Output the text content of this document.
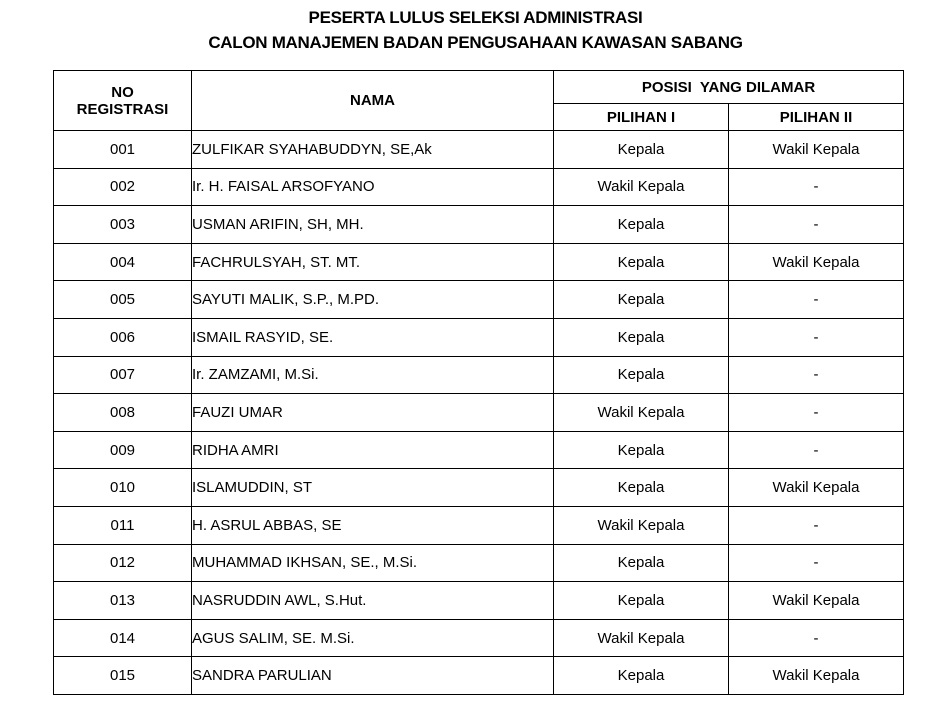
PESERTA LULUS SELEKSI ADMINISTRASI
CALON MANAJEMEN BADAN PENGUSAHAAN KAWASAN SABANG
NO
REGISTRASI	NAMA	POSISI  YANG DILAMAR	
		PILIHAN I	PILIHAN II
001	ZULFIKAR SYAHABUDDYN, SE,Ak	Kepala	Wakil Kepala
002	Ir. H. FAISAL ARSOFYANO	Wakil Kepala	-
003	USMAN ARIFIN, SH, MH.	Kepala	-
004	FACHRULSYAH, ST. MT.	Kepala	Wakil Kepala
005	SAYUTI MALIK, S.P., M.PD.	Kepala	-
006	ISMAIL RASYID, SE.	Kepala	-
007	Ir. ZAMZAMI, M.Si.	Kepala	-
008	FAUZI UMAR	Wakil Kepala	-
009	RIDHA AMRI	Kepala	-
010	ISLAMUDDIN, ST	Kepala	Wakil Kepala
011	H. ASRUL ABBAS, SE	Wakil Kepala	-
012	MUHAMMAD IKHSAN, SE., M.Si.	Kepala	-
013	NASRUDDIN AWL, S.Hut.	Kepala	Wakil Kepala
014	AGUS SALIM, SE. M.Si.	Wakil Kepala	-
015	SANDRA PARULIAN	Kepala	Wakil Kepala
